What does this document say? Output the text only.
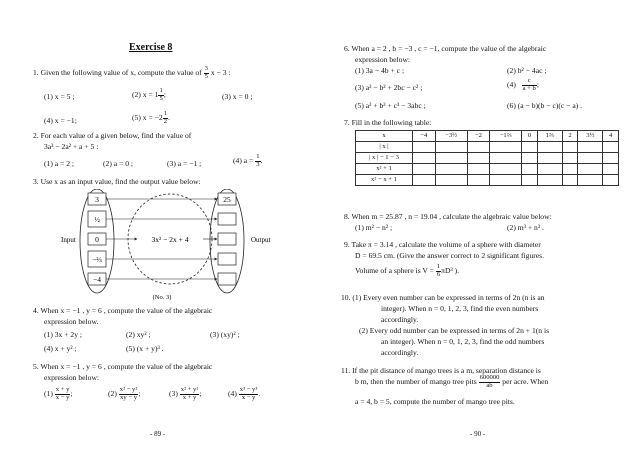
Exercise 8
1. Given the following value of x, compute the value of $\frac{3}{5}$ x − 3 :
(1) x = 5 ;	(2) $x = 1 \frac{1}{5}$ ;	(3) x = 0 ;
(4) x = −1;	(5) $x = -2 \frac{1}{2}$ .
2. For each value of a given below, find the value of
3a³ − 2a² + a + 5 :
(1) a = 2 ;	(2) a = 0 ;	(3) a = −1 ;	(4) $a = \frac{1}{3}$ .
3. Use x as an input value, find the output value below:
3
½
0
−⅔
−4
25
3x² − 2x + 4
Input	Output
(No. 3)
4. When x = −1 , y = 6 , compute the value of the algebraic
expression below.
(1) 3x + 2y ;	(2) xy² ;	(3) (xy)² ;
(4) x + y² ;	(5) (x + y)³ .
5. When x = −1 , y = 6 , compute the value of the algebraic
expression below:
$(1) \frac{x + y}{x - y}$ ;	$(2) \frac{\text{x² − y²}}{xy - y}$ ;	$(3) \frac{\text{x² + y²}}{x + y}$ ;	$(4) \frac{\text{x³ − y³}}{x - y}$ .
- 89 -
6. When a = 2 , b = −3 , c = −1, compute the value of the algebraic
expression below:
(1) 3a − 4b + c ;	(2) b² − 4ac ;
(3) a² − b² + 2bc − c² ;	$(4) \frac{c}{a + b}$ ;
(5) a³ + b³ + c³ − 3abc ;	(6) (a − b)(b − c)(c − a) .
7. Fill in the following table:
x	−4	−3½	−2	−1⅔	0	1⅔	2	3½	4
| x |									
| x | − 1 − 3									
x² + 1									
x² − x + 1									
8. When m = 25.87 , n = 19.04 , calculate the algebraic value below:
(1) m² − n² ;	(2) m³ + n³ .
9. Take π = 3.14 , calculate the volume of a sphere with diameter
D = 69.5 cm. (Give the answer correct to 2 significant figures.
Volume of a sphere is $V = \frac{1}{6} \pi D^3$ ).
10. (1) Every even number can be expressed in terms of 2n (n is an
integer). When n = 0, 1, 2, 3, find the even numbers
accordingly.
(2) Every odd number can be expressed in terms of 2n + 1(n is
an integer). When n = 0, 1, 2, 3, find the odd numbers
accordingly.
11. If the pit distance of mango trees is a m, separation distance is
b m, then the number of mango tree pits $\frac{600000}{ab}$ per acre. When
a = 4, b = 5, compute the number of mango tree pits.
- 90 -
